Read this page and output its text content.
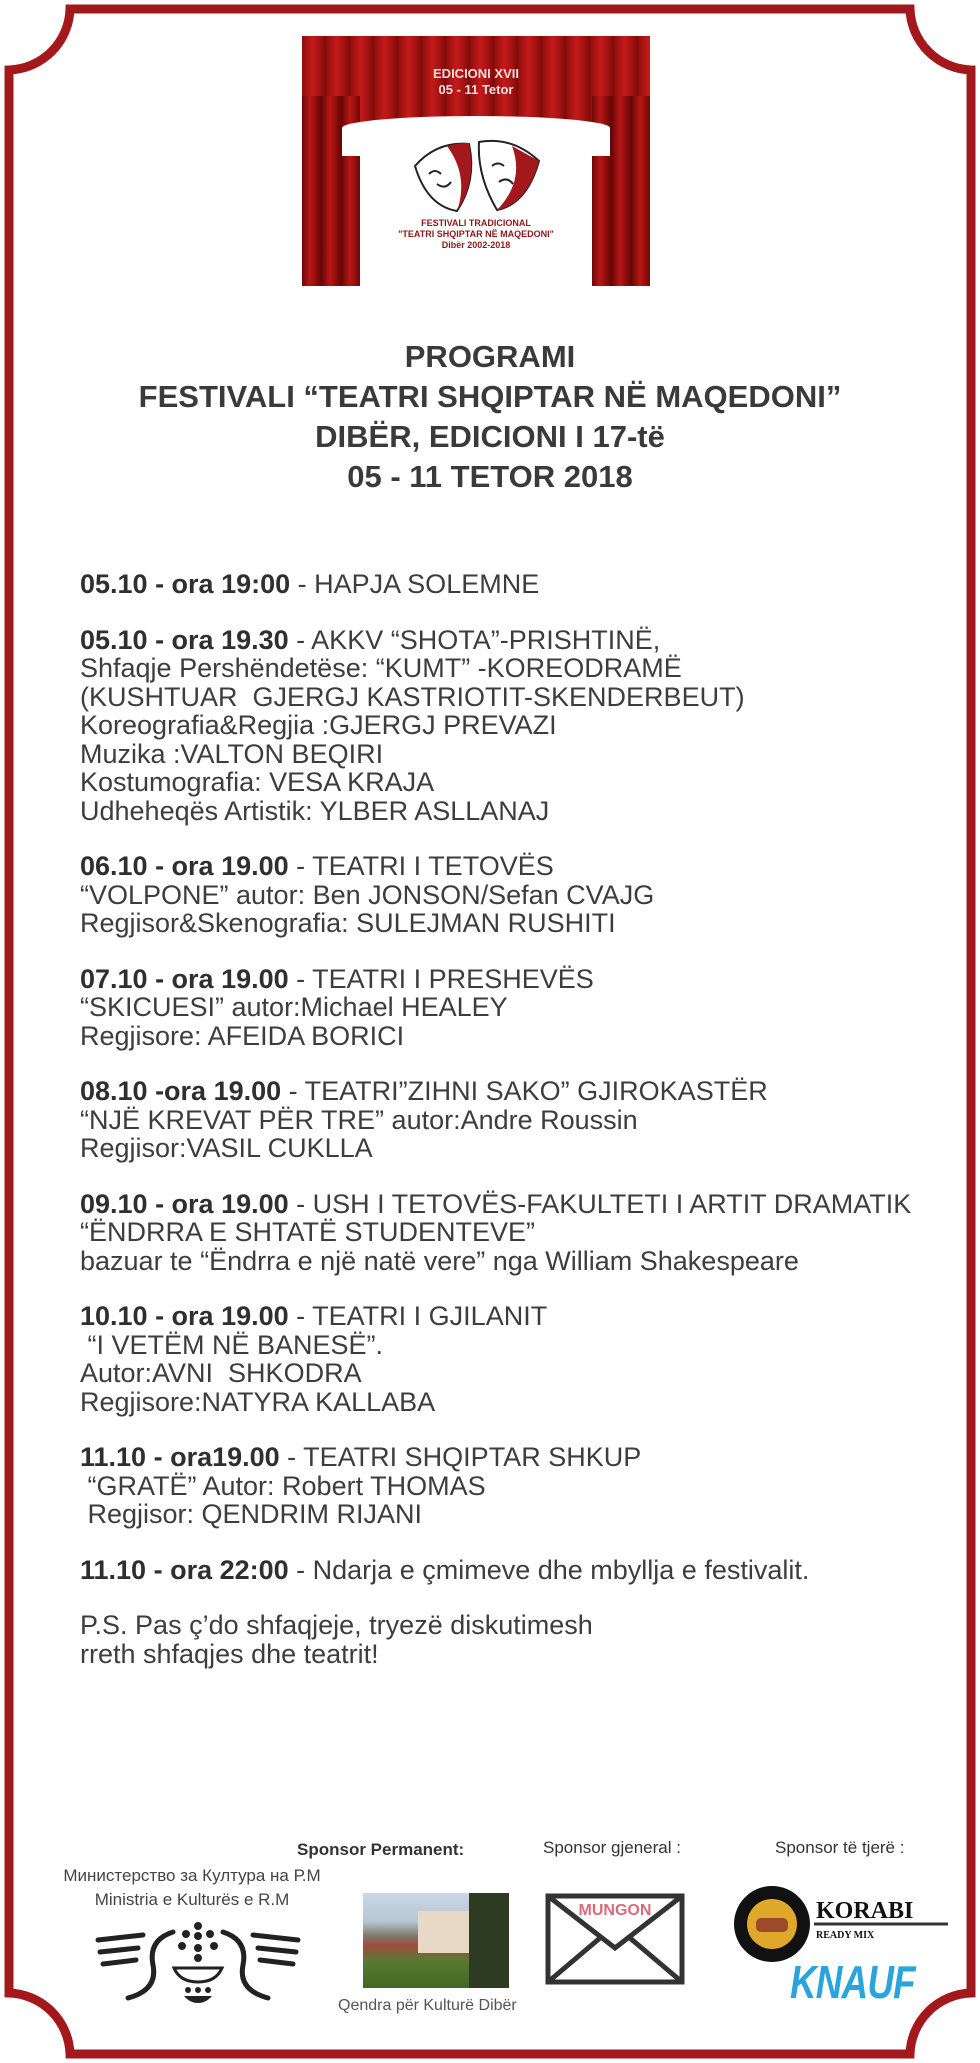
EDICIONI XVII
05 - 11 Tetor
FESTIVALI TRADICIONAL
"TEATRI SHQIPTAR NË MAQEDONI"
Dibër 2002-2018
PROGRAMI
FESTIVALI “TEATRI SHQIPTAR NË MAQEDONI”
DIBËR, EDICIONI I 17-të
05 - 11 TETOR 2018
05.10 - ora 19:00 - HAPJA SOLEMNE
05.10 - ora 19.30 - AKKV “SHOTA”-PRISHTINË,
Shfaqje Pershëndetëse: “KUMT” -KOREODRAMË
(KUSHTUAR  GJERGJ KASTRIOTIT-SKENDERBEUT)
Koreografia&Regjia :GJERGJ PREVAZI
Muzika :VALTON BEQIRI
Kostumografia: VESA KRAJA
Udheheqës Artistik: YLBER ASLLANAJ
06.10 - ora 19.00 - TEATRI I TETOVËS
“VOLPONE” autor: Ben JONSON/Sefan CVAJG
Regjisor&Skenografia: SULEJMAN RUSHITI
07.10 - ora 19.00 - TEATRI I PRESHEVËS
“SKICUESI” autor:Michael HEALEY
Regjisore: AFEIDA BORICI
08.10 -ora 19.00 - TEATRI”ZIHNI SAKO” GJIROKASTËR
“NJË KREVAT PËR TRE” autor:Andre Roussin
Regjisor:VASIL CUKLLA
09.10 - ora 19.00 - USH I TETOVËS-FAKULTETI I ARTIT DRAMATIK
“ËNDRRA E SHTATË STUDENTEVE”
bazuar te “Ëndrra e një natë vere” nga William Shakespeare
10.10 - ora 19.00 - TEATRI I GJILANIT
“I VETËM NË BANESË”.
Autor:AVNI  SHKODRA
Regjisore:NATYRA KALLABA
11.10 - ora19.00 - TEATRI SHQIPTAR SHKUP
“GRATË” Autor: Robert THOMAS
Regjisor: QENDRIM RIJANI
11.10 - ora 22:00 - Ndarja e çmimeve dhe mbyllja e festivalit.
P.S. Pas ç’do shfaqjeje, tryezë diskutimesh
rreth shfaqjes dhe teatrit!
Sponsor Permanent:	Sponsor gjeneral :	Sponsor të tjerë :
Министерство за Култура на Р.М
Ministria e Kulturës e R.M
Qendra për Kulturë Dibër
MUNGON	KORABI
READY MIX
KNAUF
